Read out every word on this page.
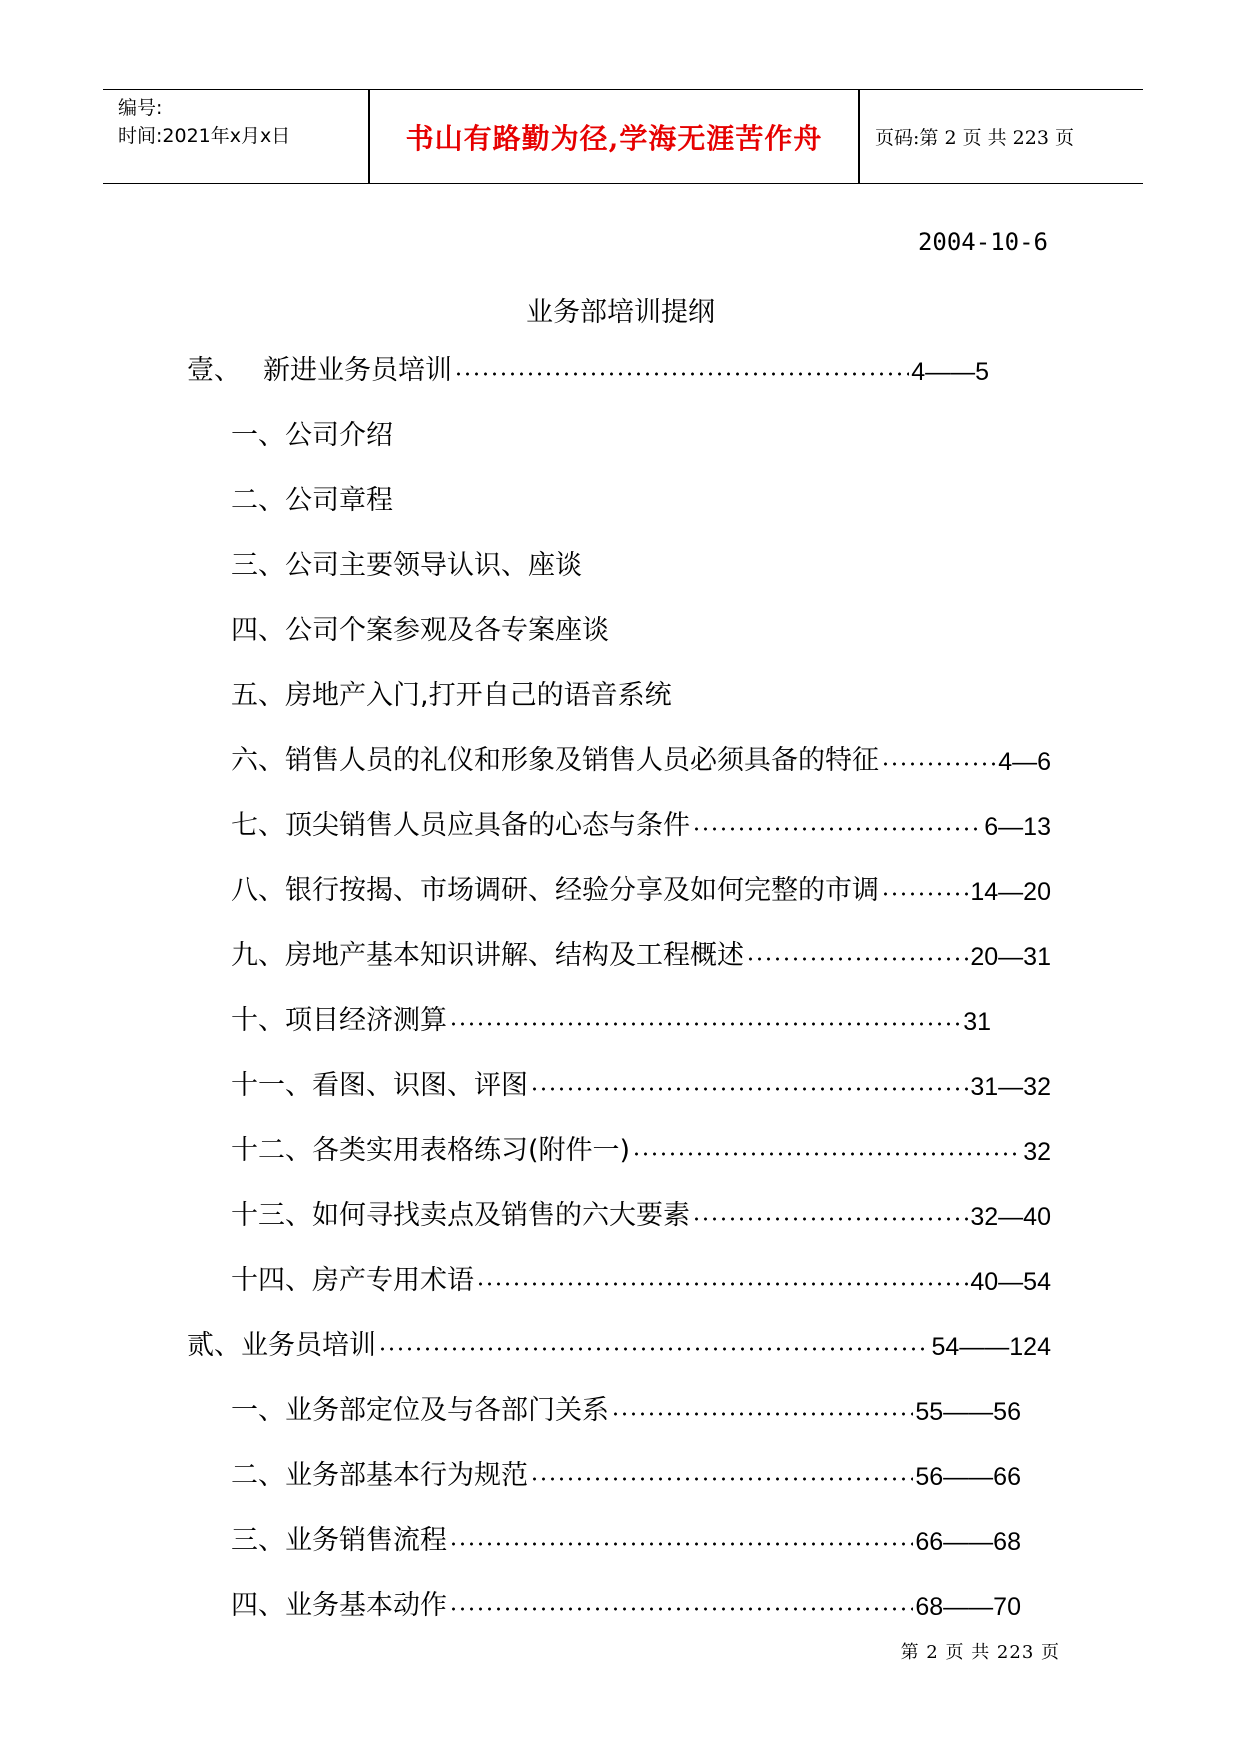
编号:
时间:2021年x月x日	书山有路勤为径,学海无涯苦作舟	页码:第 2 页 共 223 页
2004-10-6
业务部培训提纲
壹、 新进业务员培训	4——5
一、公司介绍
二、公司章程
三、公司主要领导认识、座谈
四、公司个案参观及各专案座谈
五、房地产入门,打开自己的语音系统
六、销售人员的礼仪和形象及销售人员必须具备的特征	4—6
七、顶尖销售人员应具备的心态与条件	6—13
八、银行按揭、市场调研、经验分享及如何完整的市调	14—20
九、房地产基本知识讲解、结构及工程概述	20—31
十、项目经济测算	31
十一、看图、识图、评图	31—32
十二、各类实用表格练习(附件一)	32
十三、如何寻找卖点及销售的六大要素	32—40
十四、房产专用术语	40—54
贰、业务员培训	54——124
一、业务部定位及与各部门关系	55——56
二、业务部基本行为规范	56——66
三、业务销售流程	66——68
四、业务基本动作	68——70
第 2 页 共 223 页
